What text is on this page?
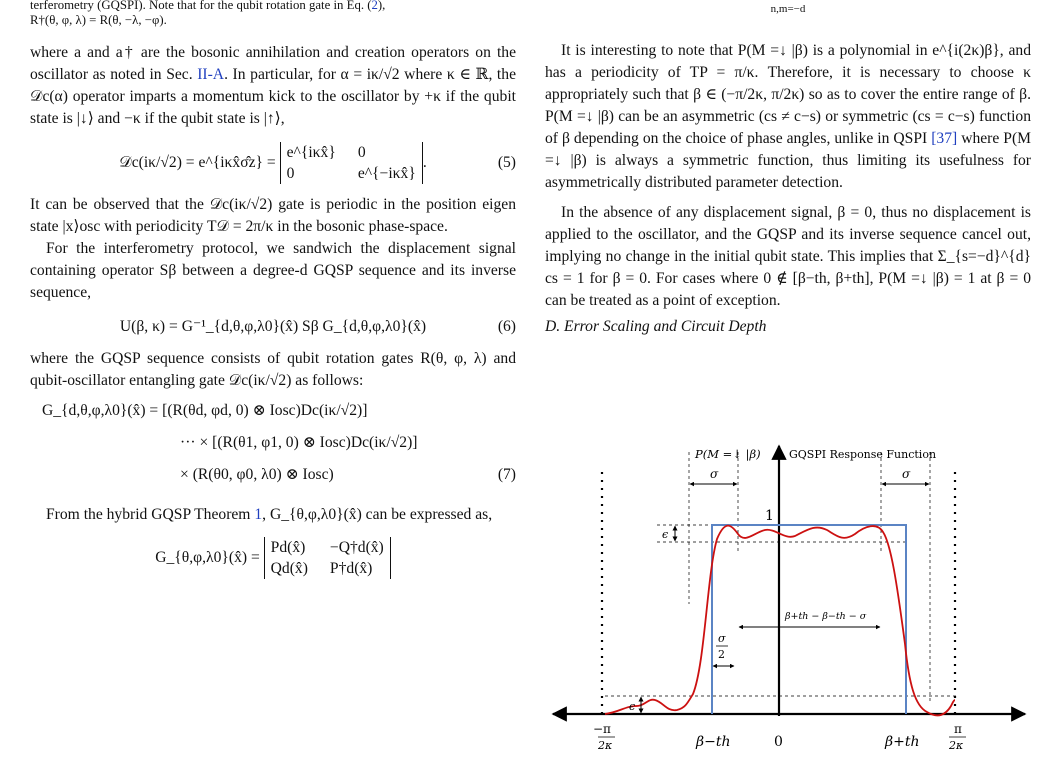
terferometry (GQSPI). Note that for the qubit rotation gate in Eq. (2),
R†(θ, φ, λ) = R(θ, −λ, −φ).

where a and a† are the bosonic annihilation and creation operators on the oscillator as noted in Sec. II-A. In particular, for α = iκ/√2 where κ ∈ ℝ, the 𝒟c(α) operator imparts a momentum kick to the oscillator by +κ if the qubit state is |↓⟩ and −κ if the qubit state is |↑⟩,

𝒟c(iκ/√2) = e^{iκx̂σ̂z} =
e^{iκx̂} 0
0	e^{−iκx̂}
.	(5)

It can be observed that the 𝒟c(iκ/√2) gate is periodic in the position eigen state |x⟩osc with periodicity T𝒟 = 2π/κ in the bosonic phase-space.

For the interferometry protocol, we sandwich the displacement signal containing operator Sβ between a degree-d GQSP sequence and its inverse sequence,

U(β, κ) = G⁻¹_{d,θ,φ,λ0}(x̂) Sβ G_{d,θ,φ,λ0}(x̂)	(6)

where the GQSP sequence consists of qubit rotation gates R(θ, φ, λ) and qubit-oscillator entangling gate 𝒟c(iκ/√2) as follows:

G_{d,θ,φ,λ0}(x̂) = [(R(θd, φd, 0) ⊗ Iosc)Dc(iκ/√2)]
··· × [(R(θ1, φ1, 0) ⊗ Iosc)Dc(iκ/√2)]
× (R(θ0, φ0, λ0) ⊗ Iosc)	(7)

From the hybrid GQSP Theorem 1, G_{θ,φ,λ0}(x̂) can be expressed as,

G_{θ,φ,λ0}(x̂) =
Pd(x̂) −Q†d(x̂)
Qd(x̂) P†d(x̂)
n,m=−d

It is interesting to note that P(M =↓ |β) is a polynomial in e^{i(2κ)β}, and has a periodicity of TP = π/κ. Therefore, it is necessary to choose κ appropriately such that β ∈ (−π/2κ, π/2κ) so as to cover the entire range of β. P(M =↓ |β) can be an asymmetric (cs ≠ c−s) or symmetric (cs = c−s) function of β depending on the choice of phase angles, unlike in QSPI [37] where P(M =↓ |β) is always a symmetric function, thus limiting its usefulness for asymmetrically distributed parameter detection.

In the absence of any displacement signal, β = 0, thus no displacement is applied to the oscillator, and the GQSP and its inverse sequence cancel out, implying no change in the initial qubit state. This implies that Σ_{s=−d}^{d} cs = 1 for β = 0. For cases where 0 ∉ [β−th, β+th], P(M =↓ |β) = 1 at β = 0 can be treated as a point of exception.

D. Error Scaling and Circuit Depth

1
P(M =↓ |β)	GQSPI Response Function
σ	σ
ϵ
ϵ
β+th − β−th − σ
σ
2
−π
2κ	β−th	0	β+th
π
2κ
